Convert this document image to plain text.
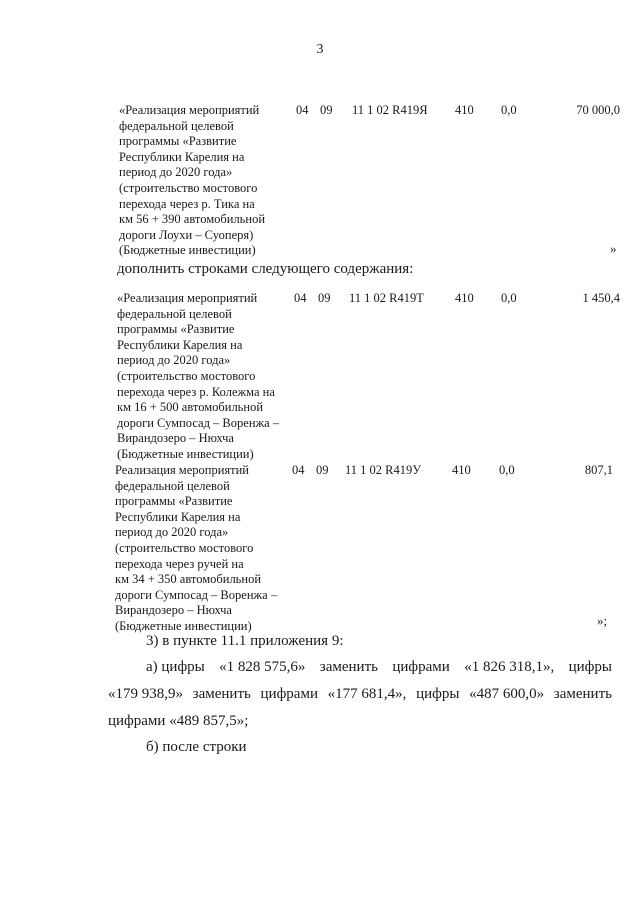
3
«Реализация мероприятий
федеральной целевой
программы «Развитие
Республики Карелия на
период до 2020 года»
(строительство мостового
перехода через р. Тика на
км 56 + 390 автомобильной
дороги Лоухи – Суоперя)
(Бюджетные инвестиции)
04 09 11 1 02 R419Я 410 0,0	70 000,0
»
дополнить строками следующего содержания:
«Реализация мероприятий
федеральной целевой
программы «Развитие
Республики Карелия на
период до 2020 года»
(строительство мостового
перехода через р. Колежма на
км 16 + 500 автомобильной
дороги Сумпосад – Воренжа –
Вирандозеро – Нюхча
(Бюджетные инвестиции)
04 09 11 1 02 R419Т 410 0,0	1 450,4
Реализация мероприятий
федеральной целевой
программы «Развитие
Республики Карелия на
период до 2020 года»
(строительство мостового
перехода через ручей на
км 34 + 350 автомобильной
дороги Сумпосад – Воренжа –
Вирандозеро – Нюхча
(Бюджетные инвестиции)
04 09 11 1 02 R419У 410 0,0	807,1
»;
3) в пункте 11.1 приложения 9:
а) цифры «1 828 575,6» заменить цифрами «1 826 318,1», цифры
«179 938,9» заменить цифрами «177 681,4», цифры «487 600,0» заменить
цифрами «489 857,5»;
б) после строки
